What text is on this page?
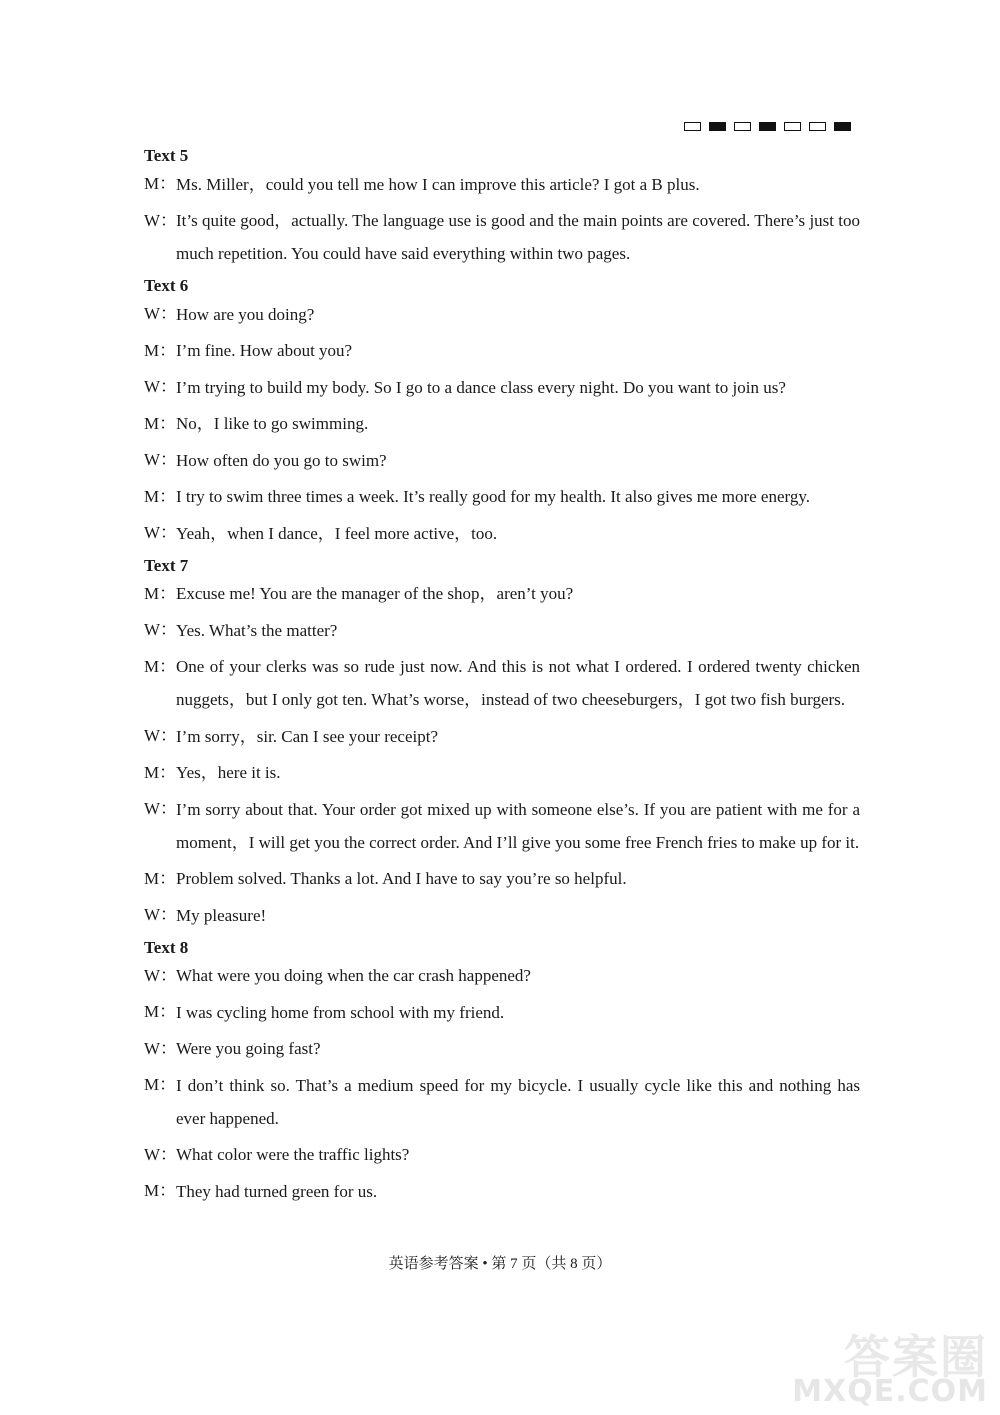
Text 5
M： Ms. Miller，could you tell me how I can improve this article? I got a B plus.
W：
It’s quite good，actually. The language use is good and the main points are covered. There’s just too much repetition. You could have said everything within two pages.
Text 6
W：
How are you doing?
M： I’m fine. How about you?
W：
I’m trying to build my body. So I go to a dance class every night. Do you want to join us?
M： No，I like to go swimming.
W：
How often do you go to swim?
M： I try to swim three times a week. It’s really good for my health. It also gives me more energy.
W：
Yeah，when I dance，I feel more active，too.
Text 7
M： Excuse me! You are the manager of the shop，aren’t you?
W：
Yes. What’s the matter?
M： One of your clerks was so rude just now. And this is not what I ordered. I ordered twenty chicken nuggets，but I only got ten. What’s worse，instead of two cheeseburgers，I got two fish burgers.
W：
I’m sorry，sir. Can I see your receipt?
M： Yes，here it is.
W：
I’m sorry about that. Your order got mixed up with someone else’s. If you are patient with me for a moment，I will get you the correct order. And I’ll give you some free French fries to make up for it.
M： Problem solved. Thanks a lot. And I have to say you’re so helpful.
W：
My pleasure!
Text 8
W：
What were you doing when the car crash happened?
M： I was cycling home from school with my friend.
W：
Were you going fast?
M： I don’t think so. That’s a medium speed for my bicycle. I usually cycle like this and nothing has ever happened.
W：
What color were the traffic lights?
M： They had turned green for us.
英语参考答案 • 第 7 页（共 8 页）
答案圈
MXQE.COM
